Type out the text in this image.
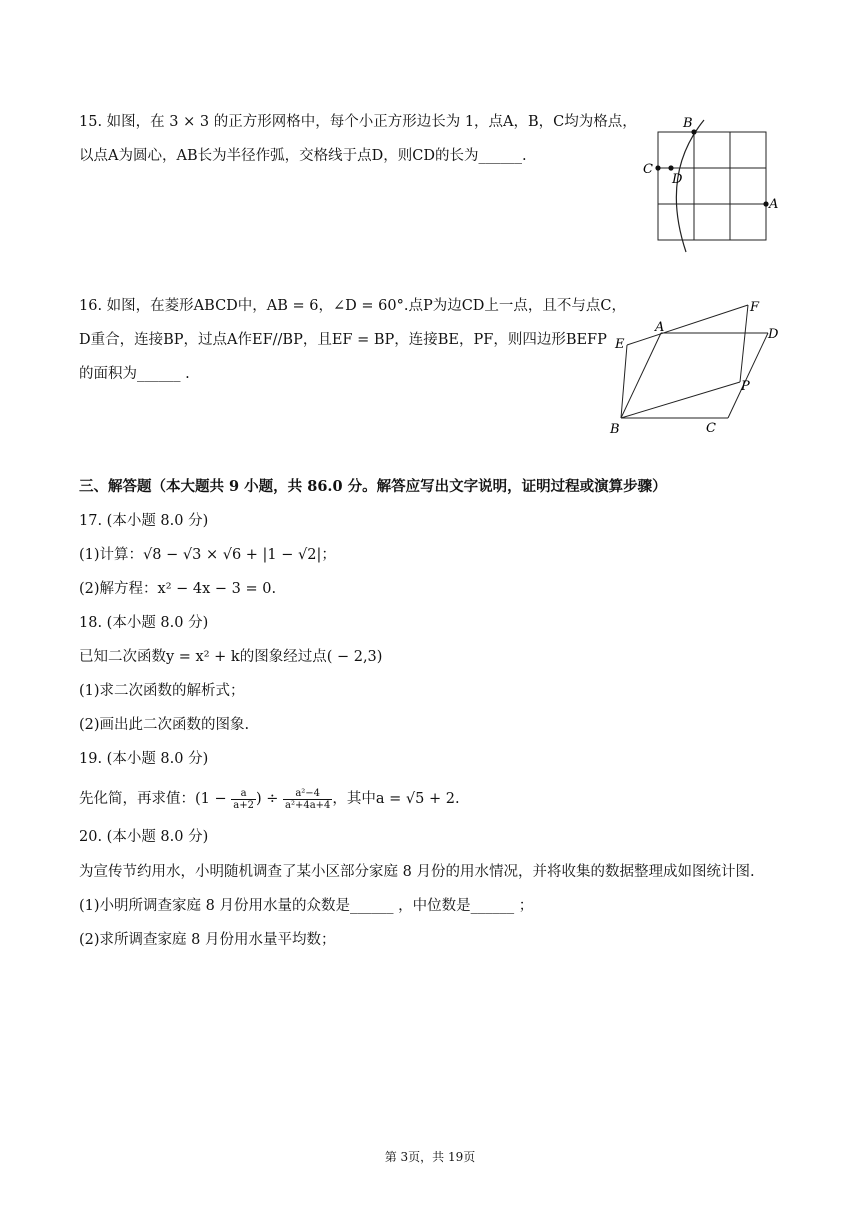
15. 如图，在 3 × 3 的正方形网格中，每个小正方形边长为 1，点A，B，C均为格点，
以点A为圆心，AB长为半径作弧，交格线于点D，则CD的长为______.
B
C
D
A
16. 如图，在菱形ABCD中，AB = 6，∠D = 60°.点P为边CD上一点，且不与点C，
D重合，连接BP，过点A作EF//BP，且EF = BP，连接BE，PF，则四边形BEFP
的面积为______ .
F
A	D
E
P
B	C
三、解答题（本大题共 9 小题，共 86.0 分。解答应写出文字说明，证明过程或演算步骤）
17. (本小题 8.0 分)
(1)计算：√8 − √3 × √6 + |1 − √2|；
(2)解方程：x² − 4x − 3 = 0.
18. (本小题 8.0 分)
已知二次函数y = x² + k的图象经过点( − 2,3)
(1)求二次函数的解析式；
(2)画出此二次函数的图象.
19. (本小题 8.0 分)
先化简，再求值：($1 - \frac{a}{a+2}$ ) ÷ $\frac{\text{a²−4}}{\text{a²+4a+4}}$ ，其中a = √5 + 2.
20. (本小题 8.0 分)
为宣传节约用水，小明随机调查了某小区部分家庭 8 月份的用水情况，并将收集的数据整理成如图统计图.
(1)小明所调查家庭 8 月份用水量的众数是______ ，中位数是______ ；
(2)求所调查家庭 8 月份用水量平均数；
第 3页，共 19页
